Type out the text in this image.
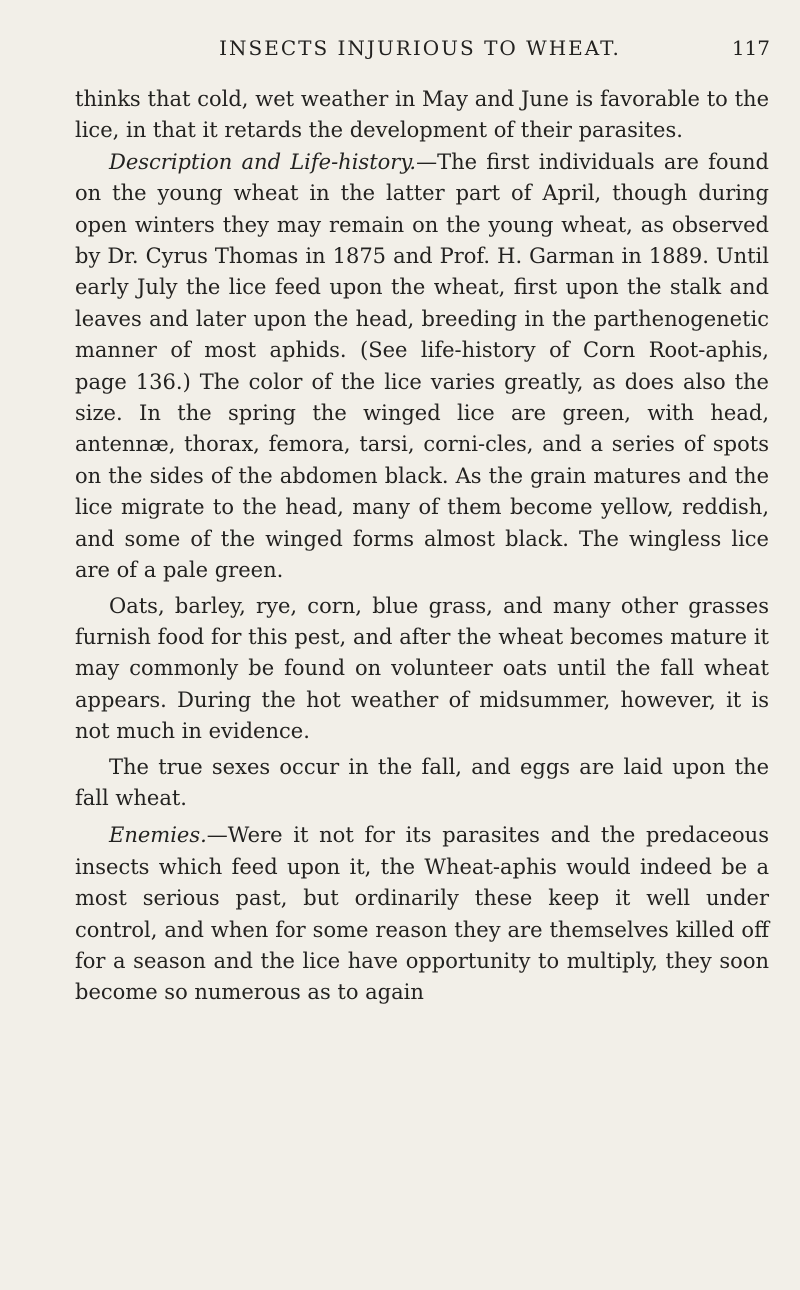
INSECTS INJURIOUS TO WHEAT.	117

thinks that cold, wet weather in May and June is favorable to the lice, in that it retards the development of their parasites.

Description and Life-history.—The first individuals are found on the young wheat in the latter part of April, though during open winters they may remain on the young wheat, as observed by Dr. Cyrus Thomas in 1875 and Prof. H. Garman in 1889. Until early July the lice feed upon the wheat, first upon the stalk and leaves and later upon the head, breeding in the parthenogenetic manner of most aphids. (See life-history of Corn Root-aphis, page 136.) The color of the lice varies greatly, as does also the size. In the spring the winged lice are green, with head, antennæ, thorax, femora, tarsi, corni-cles, and a series of spots on the sides of the abdomen black. As the grain matures and the lice migrate to the head, many of them become yellow, reddish, and some of the winged forms almost black. The wingless lice are of a pale green.

Oats, barley, rye, corn, blue grass, and many other grasses furnish food for this pest, and after the wheat becomes mature it may commonly be found on volunteer oats until the fall wheat appears. During the hot weather of midsummer, however, it is not much in evidence.

The true sexes occur in the fall, and eggs are laid upon the fall wheat.

Enemies.—Were it not for its parasites and the predaceous insects which feed upon it, the Wheat-aphis would indeed be a most serious past, but ordinarily these keep it well under control, and when for some reason they are themselves killed off for a season and the lice have opportunity to multiply, they soon become so numerous as to again
